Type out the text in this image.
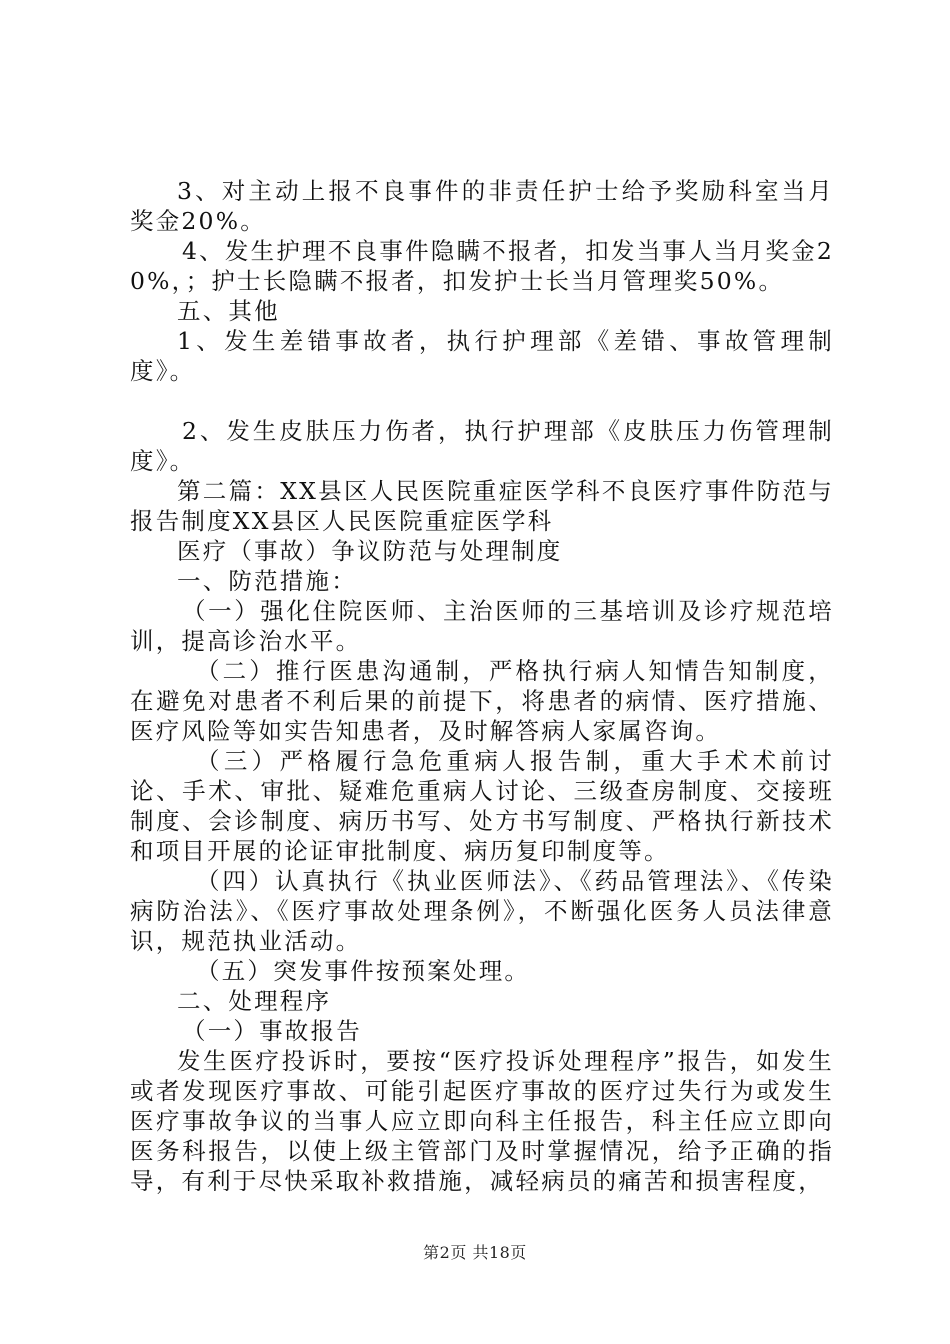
3、对主动上报不良事件的非责任护士给予奖励科室当月奖金20%。

4、发生护理不良事件隐瞒不报者，扣发当事人当月奖金20%，；护士长隐瞒不报者，扣发护士长当月管理奖50%。

五、其他

1、发生差错事故者，执行护理部《差错、事故管理制度》。

2、发生皮肤压力伤者，执行护理部《皮肤压力伤管理制度》。

第二篇：XX县区人民医院重症医学科不良医疗事件防范与报告制度XX县区人民医院重症医学科

医疗（事故）争议防范与处理制度

一、防范措施：

（一）强化住院医师、主治医师的三基培训及诊疗规范培训，提高诊治水平。

（二）推行医患沟通制，严格执行病人知情告知制度，在避免对患者不利后果的前提下，将患者的病情、医疗措施、医疗风险等如实告知患者，及时解答病人家属咨询。

（三）严格履行急危重病人报告制，重大手术术前讨论、手术、审批、疑难危重病人讨论、三级查房制度、交接班制度、会诊制度、病历书写、处方书写制度、严格执行新技术和项目开展的论证审批制度、病历复印制度等。

（四）认真执行《执业医师法》、《药品管理法》、《传染病防治法》、《医疗事故处理条例》，不断强化医务人员法律意识，规范执业活动。

（五）突发事件按预案处理。

二、处理程序

（一）事故报告

发生医疗投诉时，要按“医疗投诉处理程序”报告，如发生或者发现医疗事故、可能引起医疗事故的医疗过失行为或发生医疗事故争议的当事人应立即向科主任报告，科主任应立即向医务科报告，以使上级主管部门及时掌握情况，给予正确的指导，有利于尽快采取补救措施，减轻病员的痛苦和损害程度，

第2页 共18页
